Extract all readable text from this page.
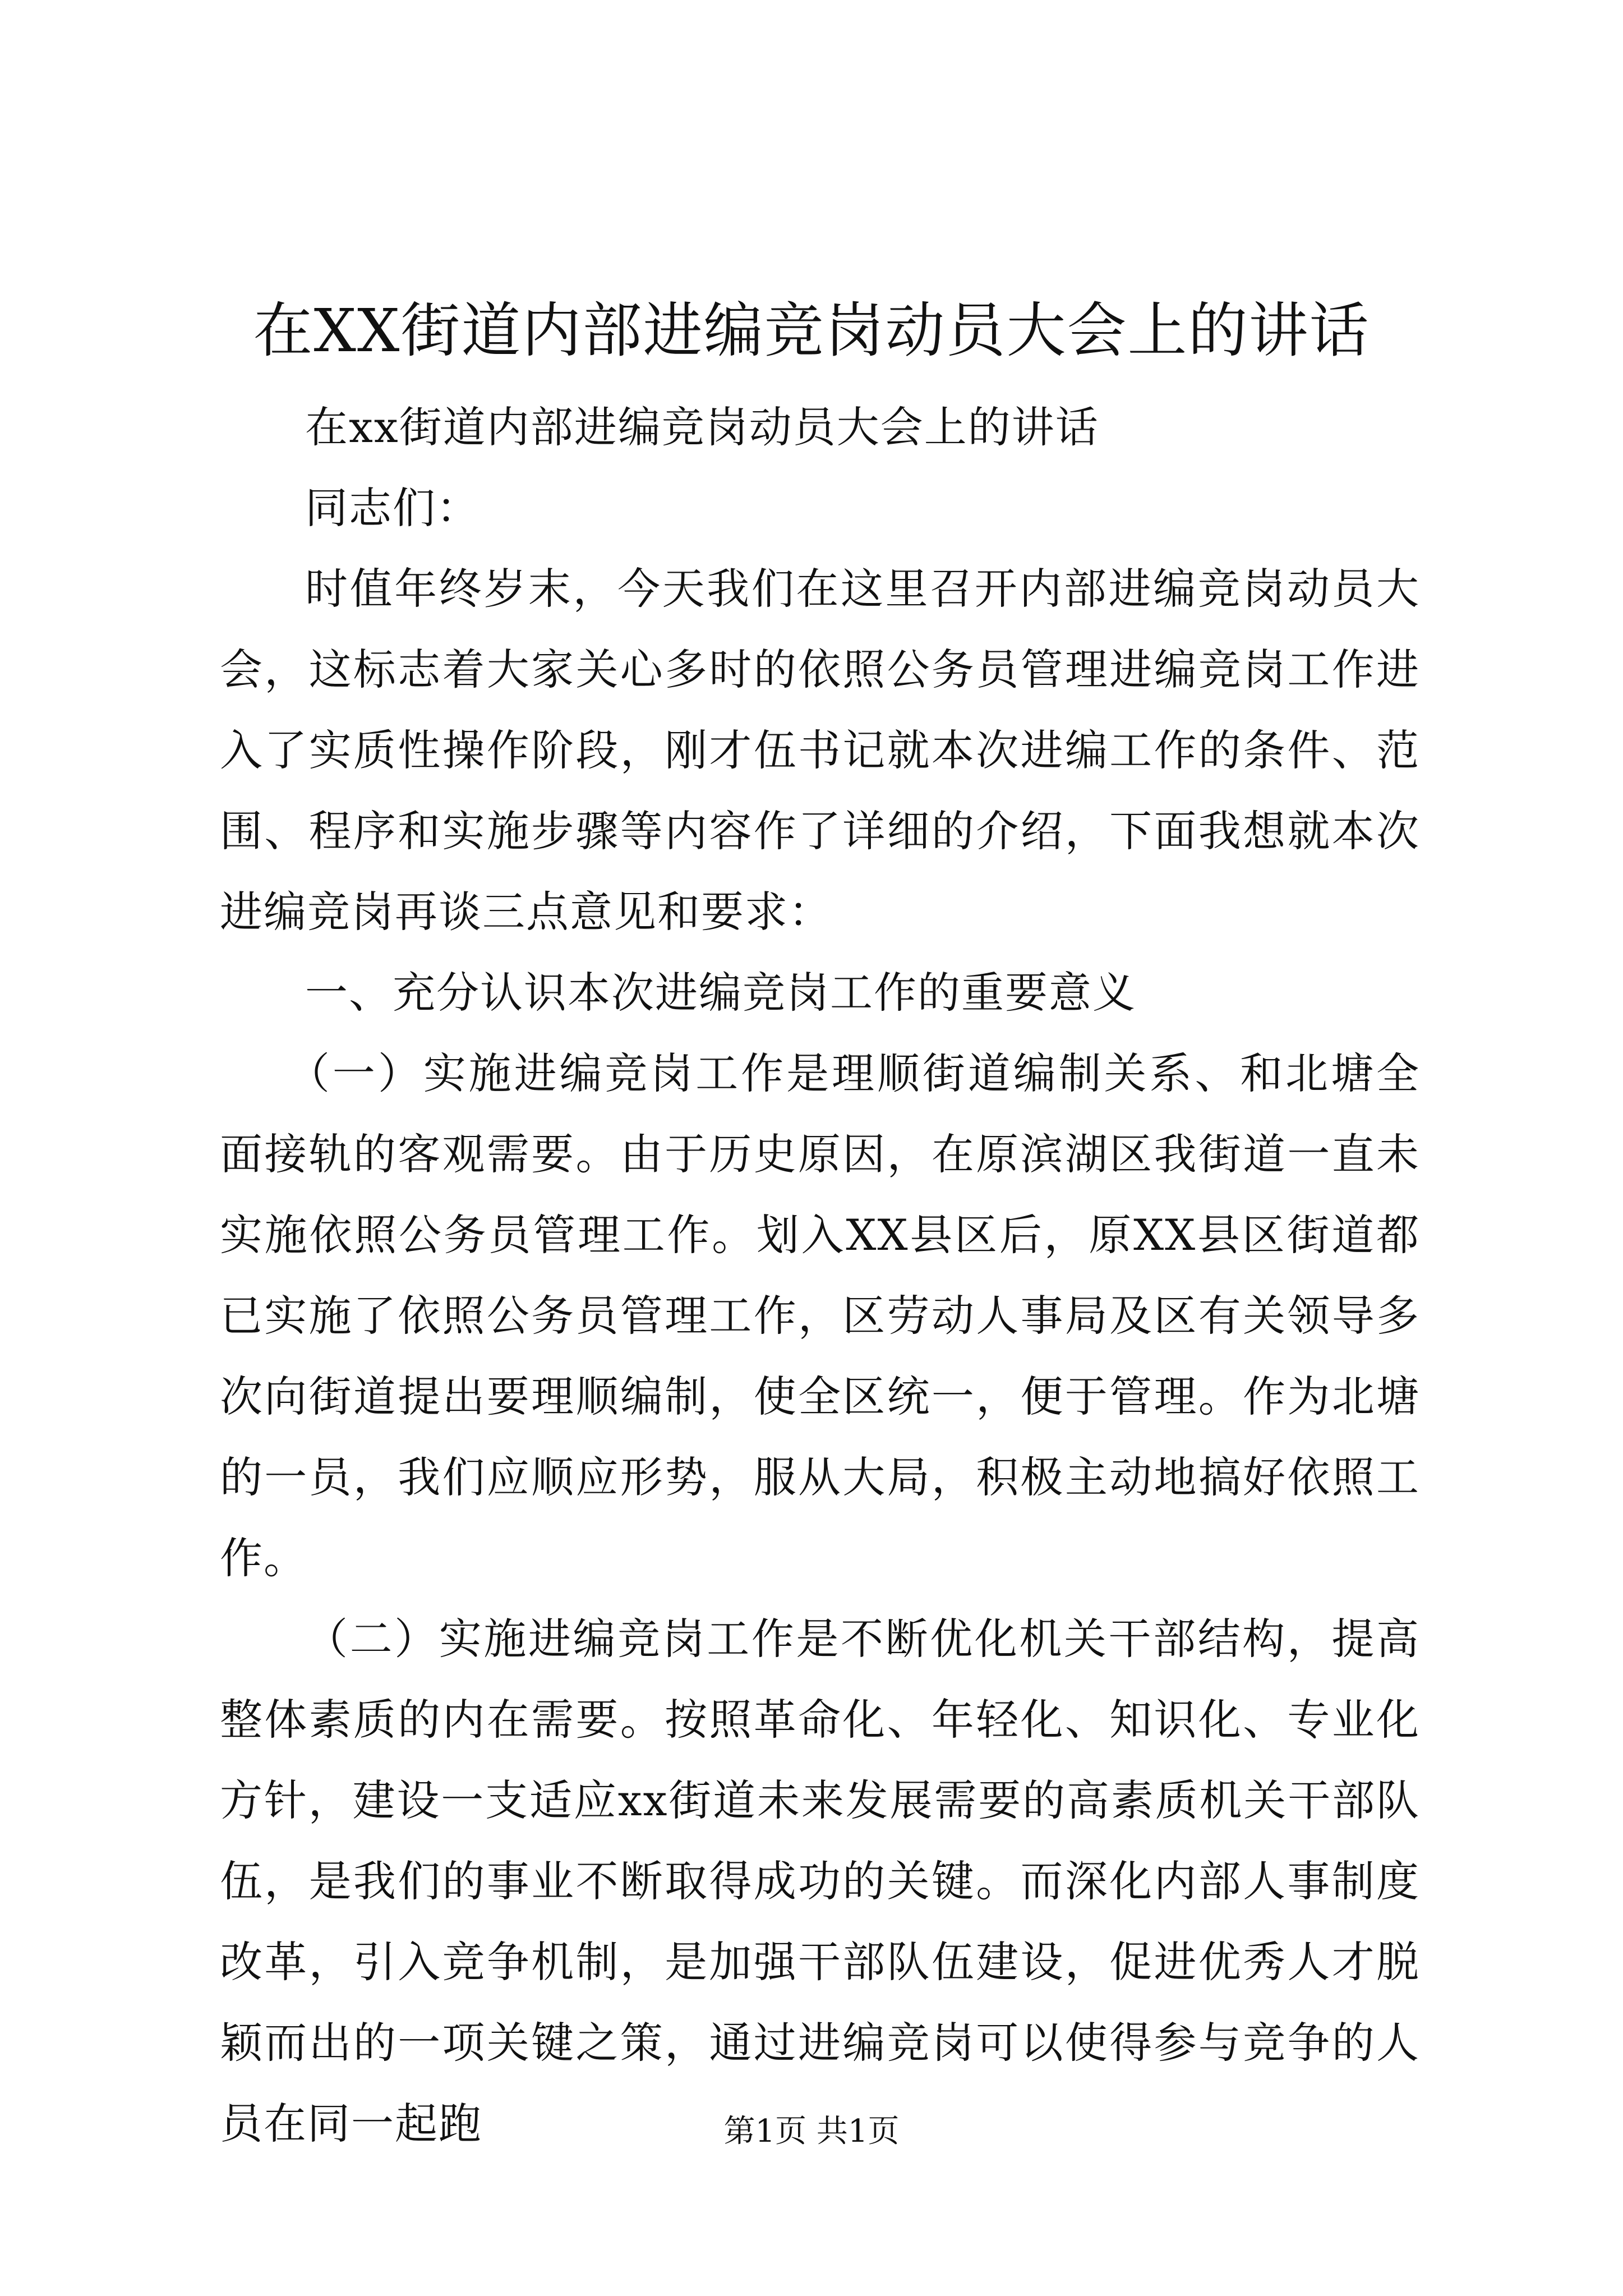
在XX街道内部进编竞岗动员大会上的讲话

在xx街道内部进编竞岗动员大会上的讲话

同志们：

时值年终岁末，今天我们在这里召开内部进编竞岗动员大会，这标志着大家关心多时的依照公务员管理进编竞岗工作进入了实质性操作阶段，刚才伍书记就本次进编工作的条件、范围、程序和实施步骤等内容作了详细的介绍，下面我想就本次进编竞岗再谈三点意见和要求：

一、充分认识本次进编竞岗工作的重要意义

（一）实施进编竞岗工作是理顺街道编制关系、和北塘全面接轨的客观需要。由于历史原因，在原滨湖区我街道一直未实施依照公务员管理工作。划入XX县区后，原XX县区街道都已实施了依照公务员管理工作，区劳动人事局及区有关领导多次向街道提出要理顺编制，使全区统一，便于管理。作为北塘的一员，我们应顺应形势，服从大局，积极主动地搞好依照工作。

（二）实施进编竞岗工作是不断优化机关干部结构，提高整体素质的内在需要。按照革命化、年轻化、知识化、专业化方针，建设一支适应xx街道未来发展需要的高素质机关干部队伍，是我们的事业不断取得成功的关键。而深化内部人事制度改革，引入竞争机制，是加强干部队伍建设，促进优秀人才脱颖而出的一项关键之策，通过进编竞岗可以使得参与竞争的人员在同一起跑	第1页 共1页
